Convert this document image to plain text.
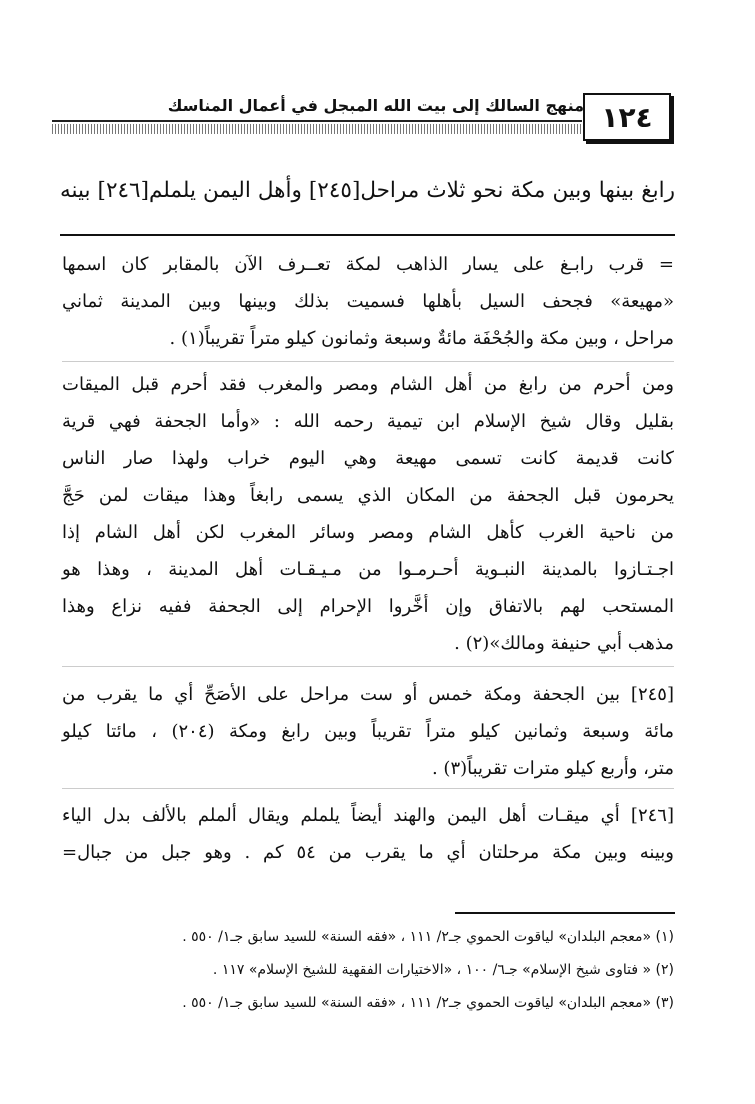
منهج السالك إلى بيت الله المبجل في أعمال المناسك ١٢٤
رابغ بينها وبين مكة نحو ثلاث مراحل[٢٤٥] وأهل اليمن يلملم[٢٤٦] بينه
= قرب رابـغ على يسار الذاهب لمكة تعــرف الآن بالمقابر كان اسمها
«مهيعة» فجحف السيل بأهلها فسميت بذلك وبينها وبين المدينة ثماني
مراحل ، وبين مكة والجُحْفَة مائةٌ وسبعة وثمانون كيلو متراً تقريباً(١) .
ومن أحرم من رابغ من أهل الشام ومصر والمغرب فقد أحرم قبل الميقات
بقليل وقال شيخ الإسلام ابن تيمية رحمه الله : «وأما الجحفة فهي قرية
كانت قديمة كانت تسمى مهيعة وهي اليوم خراب ولهذا صار الناس
يحرمون قبل الجحفة من المكان الذي يسمى رابغاً وهذا ميقات لمن حَجَّ
من ناحية الغرب كأهل الشام ومصر وسائر المغرب لكن أهل الشام إذا
اجـتـازوا بالمدينة النبـوية أحـرمـوا من مـيـقـات أهل المدينة ، وهذا هو
المستحب لهم بالاتفاق وإن أخَّروا الإحرام إلى الجحفة ففيه نزاع وهذا
مذهب أبي حنيفة ومالك»(٢) .
[٢٤٥] بين الجحفة ومكة خمس أو ست مراحل على الأصَحِّ أي ما يقرب من
مائة وسبعة وثمانين كيلو متراً تقريباً وبين رابغ ومكة (٢٠٤) ، مائتا كيلو
متر، وأربع كيلو مترات تقريباً(٣) .
[٢٤٦] أي ميقـات أهل اليمن والهند أيضاً يلملم ويقال ألملم بالألف بدل الياء
وبينه وبين مكة مرحلتان أي ما يقرب من ٥٤ كم . وهو جبل من جبال=
(١) «معجم البلدان» لياقوت الحموي جـ٢/ ١١١ ، «فقه السنة» للسيد سابق جـ١/ ٥٥٠ .
(٢) « فتاوى شيخ الإسلام» جـ٦/ ١٠٠ ، «الاختيارات الفقهية للشيخ الإسلام» ١١٧ .
(٣) «معجم البلدان» لياقوت الحموي جـ٢/ ١١١ ، «فقه السنة» للسيد سابق جـ١/ ٥٥٠ .
